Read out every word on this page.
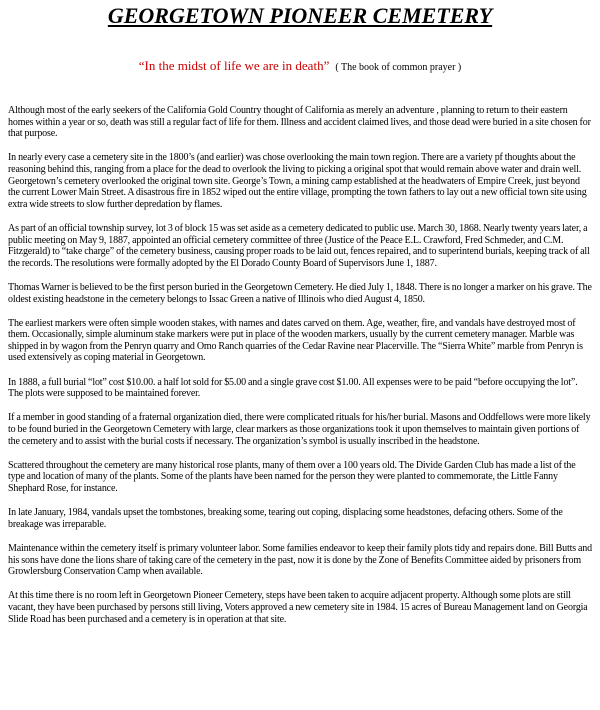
GEORGETOWN PIONEER CEMETERY
“In the midst of life we are in death” ( The book of common prayer )

Although most of the early seekers of the California Gold Country thought of California as merely an adventure , planning to return to their eastern homes within a year or so, death was still a regular fact of life for them. Illness and accident claimed lives, and those dead were buried in a site chosen for that purpose.

In nearly every case a cemetery site in the 1800’s (and earlier) was chose overlooking the main town region. There are a variety pf thoughts about the reasoning behind this, ranging from a place for the dead to overlook the living to picking a original spot that would remain above water and drain well. Georgetown’s cemetery overlooked the original town site. George’s Town, a mining camp established at the headwaters of Empire Creek, just beyond the current Lower Main Street. A disastrous fire in 1852 wiped out the entire village, prompting the town fathers to lay out a new official town site using extra wide streets to slow further depredation by flames.

As part of an official township survey, lot 3 of block 15 was set aside as a cemetery dedicated to public use. March 30, 1868. Nearly twenty years later, a public meeting on May 9, 1887, appointed an official cemetery committee of three (Justice of the Peace E.L. Crawford, Fred Schmeder, and C.M. Fitzgerald) to “take charge” of the cemetery business, causing proper roads to be laid out, fences repaired, and to superintend burials, keeping track of all the records. The resolutions were formally adopted by the El Dorado County Board of Supervisors June 1, 1887.

Thomas Warner is believed to be the first person buried in the Georgetown Cemetery. He died July 1, 1848. There is no longer a marker on his grave. The oldest existing headstone in the cemetery belongs to Issac Green a native of Illinois who died August 4, 1850.

The earliest markers were often simple wooden stakes, with names and dates carved on them. Age, weather, fire, and vandals have destroyed most of them. Occasionally, simple aluminum stake markers were put in place of the wooden markers, usually by the current cemetery manager. Marble was shipped in by wagon from the Penryn quarry and Omo Ranch quarries of the Cedar Ravine near Placerville. The “Sierra White” marble from Penryn is used extensively as coping material in Georgetown.

In 1888, a full burial “lot” cost $10.00. a half lot sold for $5.00 and a single grave cost $1.00. All expenses were to be paid “before occupying the lot”. The plots were supposed to be maintained forever.

If a member in good standing of a fraternal organization died, there were complicated rituals for his/her burial. Masons and Oddfellows were more likely to be found buried in the Georgetown Cemetery with large, clear markers as those organizations took it upon themselves to maintain given portions of the cemetery and to assist with the burial costs if necessary. The organization’s symbol is usually inscribed in the headstone.

Scattered throughout the cemetery are many historical rose plants, many of them over a 100 years old. The Divide Garden Club has made a list of the type and location of many of the plants. Some of the plants have been named for the person they were planted to commemorate, the Little Fanny Shephard Rose, for instance.

In late January, 1984, vandals upset the tombstones, breaking some, tearing out coping, displacing some headstones, defacing others. Some of the breakage was irreparable.

Maintenance within the cemetery itself is primary volunteer labor. Some families endeavor to keep their family plots tidy and repairs done. Bill Butts and his sons have done the lions share of taking care of the cemetery in the past, now it is done by the Zone of Benefits Committee aided by prisoners from Growlersburg Conservation Camp when available.

At this time there is no room left in Georgetown Pioneer Cemetery, steps have been taken to acquire adjacent property. Although some plots are still vacant, they have been purchased by persons still living, Voters approved a new cemetery site in 1984. 15 acres of Bureau Management land on Georgia Slide Road has been purchased and a cemetery is in operation at that site.
